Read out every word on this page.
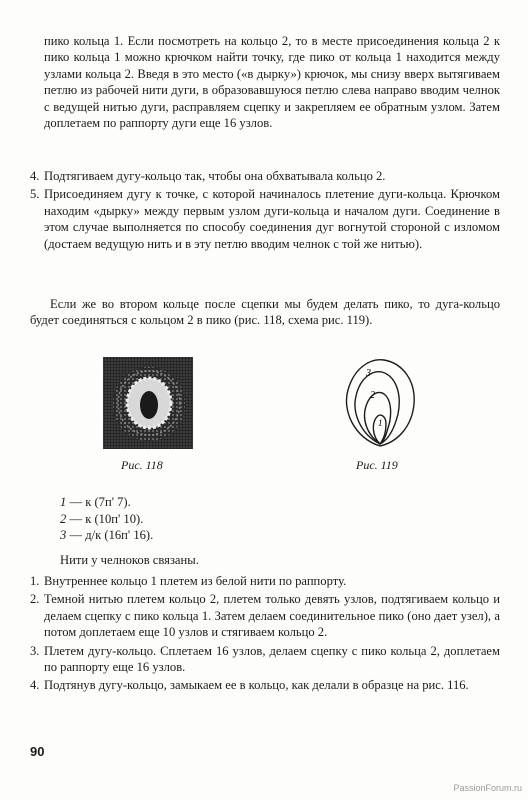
пико кольца 1. Если посмотреть на кольцо 2, то в месте присоединения кольца 2 к пико кольца 1 можно крючком найти точку, где пико от кольца 1 находится между узлами кольца 2. Введя в это место («в дырку») крючок, мы снизу вверх вытягиваем петлю из рабочей нити дуги, в образовавшуюся петлю слева направо вводим челнок с ведущей нитью дуги, расправляем сцепку и закрепляем ее обратным узлом. Затем доплетаем по раппорту дуги еще 16 узлов.
4. Подтягиваем дугу-кольцо так, чтобы она обхватывала кольцо 2.
5. Присоединяем дугу к точке, с которой начиналось плетение дуги-кольца. Крючком находим «дырку» между первым узлом дуги-кольца и началом дуги. Соединение в этом случае выполняется по способу соединения дуг вогнутой стороной с изломом (достаем ведущую нить и в эту петлю вводим челнок с той же нитью).
Если же во втором кольце после сцепки мы будем делать пико, то дуга-кольцо будет соединяться с кольцом 2 в пико (рис. 118, схема рис. 119).
3
2
1
Рис. 118	Рис. 119
1 — к (7п' 7).
2 — к (10п' 10).
3 — д/к (16п' 16).
Нити у челноков связаны.
1. Внутреннее кольцо 1 плетем из белой нити по раппорту.
2. Темной нитью плетем кольцо 2, плетем только девять узлов, подтягиваем кольцо и делаем сцепку с пико кольца 1. Затем делаем соединительное пико (оно дает узел), а потом доплетаем еще 10 узлов и стягиваем кольцо 2.
3. Плетем дугу-кольцо. Сплетаем 16 узлов, делаем сцепку с пико кольца 2, доплетаем по раппорту еще 16 узлов.
4. Подтянув дугу-кольцо, замыкаем ее в кольцо, как делали в образце на рис. 116.
90
PassionForum.ru
